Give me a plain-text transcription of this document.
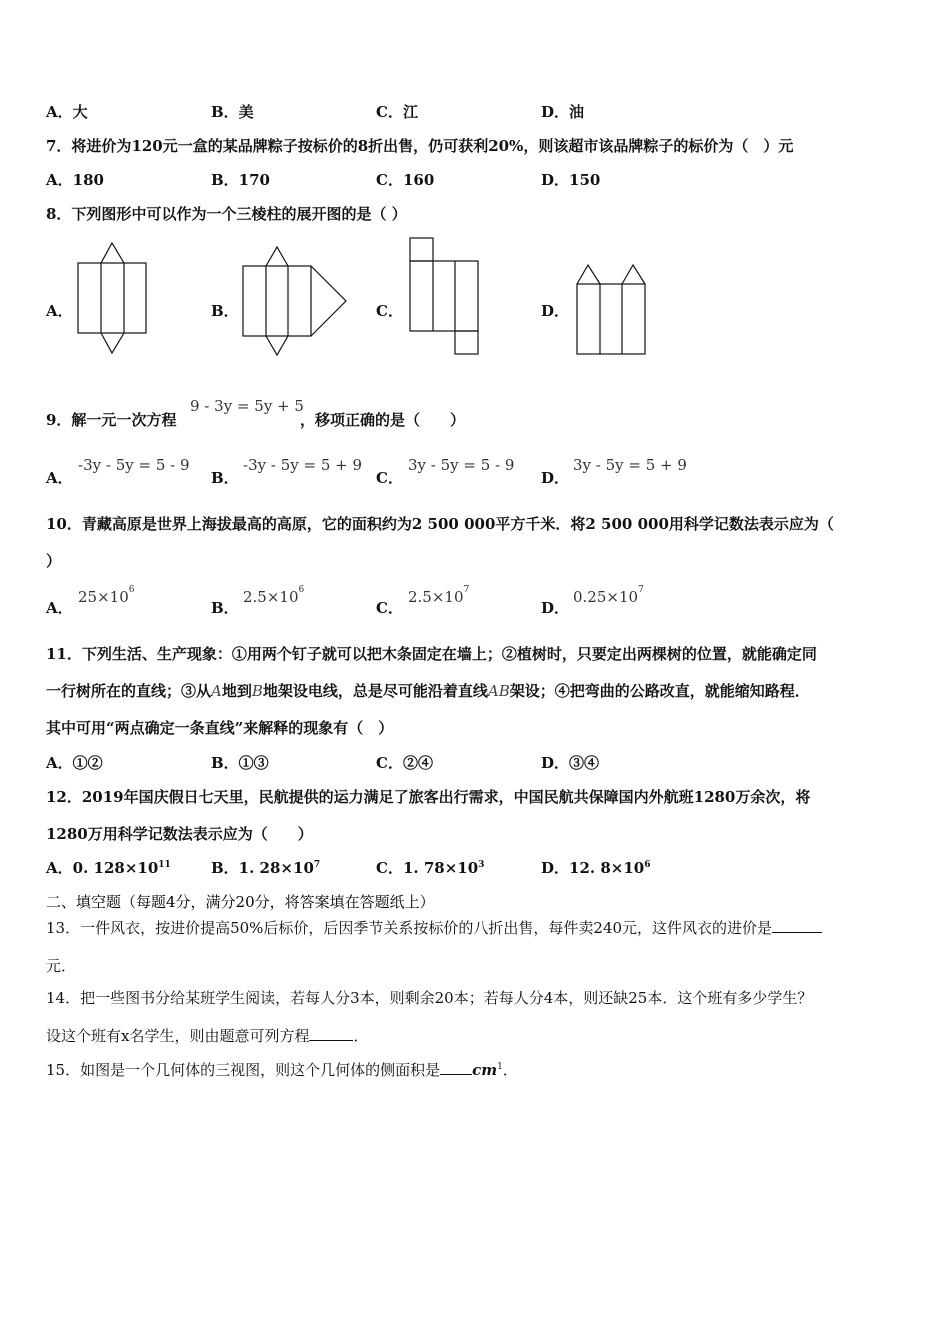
A．大	B．美	C．江	D．油
7．将进价为120元一盒的某品牌粽子按标价的8折出售，仍可获利20%，则该超市该品牌粽子的标价为（　）元
A．180	B．170	C．160	D．150
8．下列图形中可以作为一个三棱柱的展开图的是（ ）
A．	B．	C．	D．
9．解一元一次方程
9 - 3y = 5y + 5
，移项正确的是（　　）
A．
-3y - 5y = 5 - 9
B．
-3y - 5y = 5 + 9
C．
3y - 5y = 5 - 9
D．
3y - 5y = 5 + 9
10．青藏高原是世界上海拔最高的高原，它的面积约为2 500 000平方千米．将2 500 000用科学记数法表示应为（
）
A．
$25\times 10^6$
B．
$2.5\times 10^6$
C．
$2.5\times 10^7$
D．
$0.25\times 10^7$
11．下列生活、生产现象：①用两个钉子就可以把木条固定在墙上；②植树时，只要定出两棵树的位置，就能确定同
一行树所在的直线；③从A地到B地架设电线，总是尽可能沿着直线AB架设；④把弯曲的公路改直，就能缩知路程．
其中可用“两点确定一条直线”来解释的现象有（　）
A．①②	B．①③	C．②④	D．③④
12．2019年国庆假日七天里，民航提供的运力满足了旅客出行需求，中国民航共保障国内外航班1280万余次，将
1280万用科学记数法表示应为（　　）
A．0. $128\times 10^{11}$	B．1. $28\times 10^7$	C．1. $78\times 10^3$	D．12. $8\times 10^6$
二、填空题（每题4分，满分20分，将答案填在答题纸上）
13．一件风衣，按进价提高50%后标价，后因季节关系按标价的八折出售，每件卖240元，这件风衣的进价是
元．
14．把一些图书分给某班学生阅读，若每人分3本，则剩余20本；若每人分4本，则还缺25本．这个班有多少学生？
设这个班有x名学生，则由题意可列方程	．
15．如图是一个几何体的三视图，则这个几何体的侧面积是 $cm^1$．
